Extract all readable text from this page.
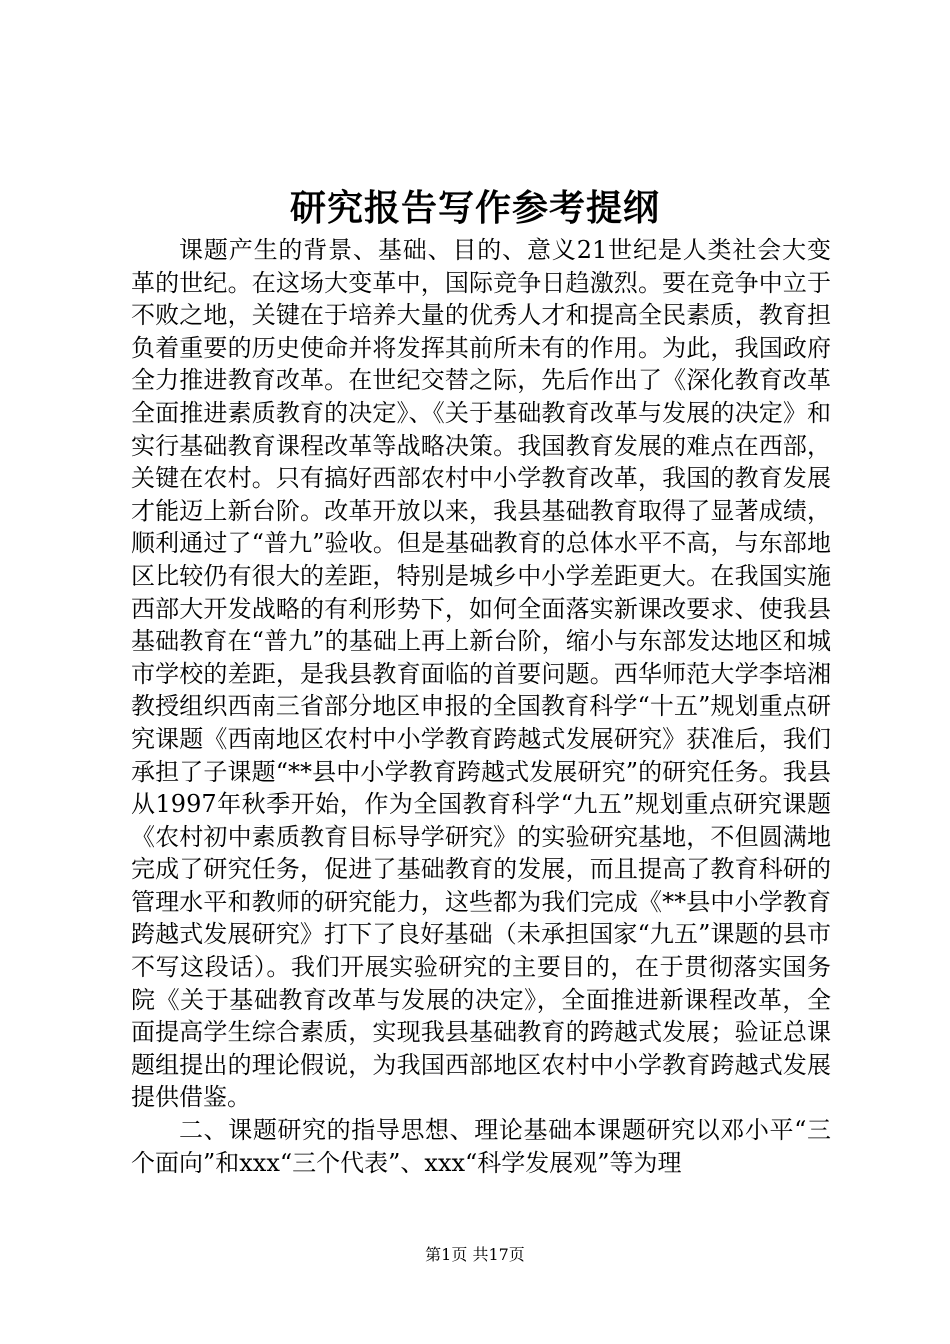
研究报告写作参考提纲

课题产生的背景、基础、目的、意义21世纪是人类社会大变革的世纪。在这场大变革中，国际竞争日趋激烈。要在竞争中立于不败之地，关键在于培养大量的优秀人才和提高全民素质，教育担负着重要的历史使命并将发挥其前所未有的作用。为此，我国政府全力推进教育改革。在世纪交替之际，先后作出了《深化教育改革全面推进素质教育的决定》、《关于基础教育改革与发展的决定》和实行基础教育课程改革等战略决策。我国教育发展的难点在西部，关键在农村。只有搞好西部农村中小学教育改革，我国的教育发展才能迈上新台阶。改革开放以来，我县基础教育取得了显著成绩，顺利通过了“普九”验收。但是基础教育的总体水平不高，与东部地区比较仍有很大的差距，特别是城乡中小学差距更大。在我国实施西部大开发战略的有利形势下，如何全面落实新课改要求、使我县基础教育在“普九”的基础上再上新台阶，缩小与东部发达地区和城市学校的差距，是我县教育面临的首要问题。西华师范大学李培湘教授组织西南三省部分地区申报的全国教育科学“十五”规划重点研究课题《西南地区农村中小学教育跨越式发展研究》获准后，我们承担了子课题“**县中小学教育跨越式发展研究”的研究任务。我县从1997年秋季开始，作为全国教育科学“九五”规划重点研究课题《农村初中素质教育目标导学研究》的实验研究基地，不但圆满地完成了研究任务，促进了基础教育的发展，而且提高了教育科研的管理水平和教师的研究能力，这些都为我们完成《**县中小学教育跨越式发展研究》打下了良好基础（未承担国家“九五”课题的县市不写这段话）。我们开展实验研究的主要目的，在于贯彻落实国务院《关于基础教育改革与发展的决定》，全面推进新课程改革，全面提高学生综合素质，实现我县基础教育的跨越式发展；验证总课题组提出的理论假说，为我国西部地区农村中小学教育跨越式发展提供借鉴。

二、课题研究的指导思想、理论基础本课题研究以邓小平“三个面向”和xxx“三个代表”、xxx“科学发展观”等为理

第1页 共17页
